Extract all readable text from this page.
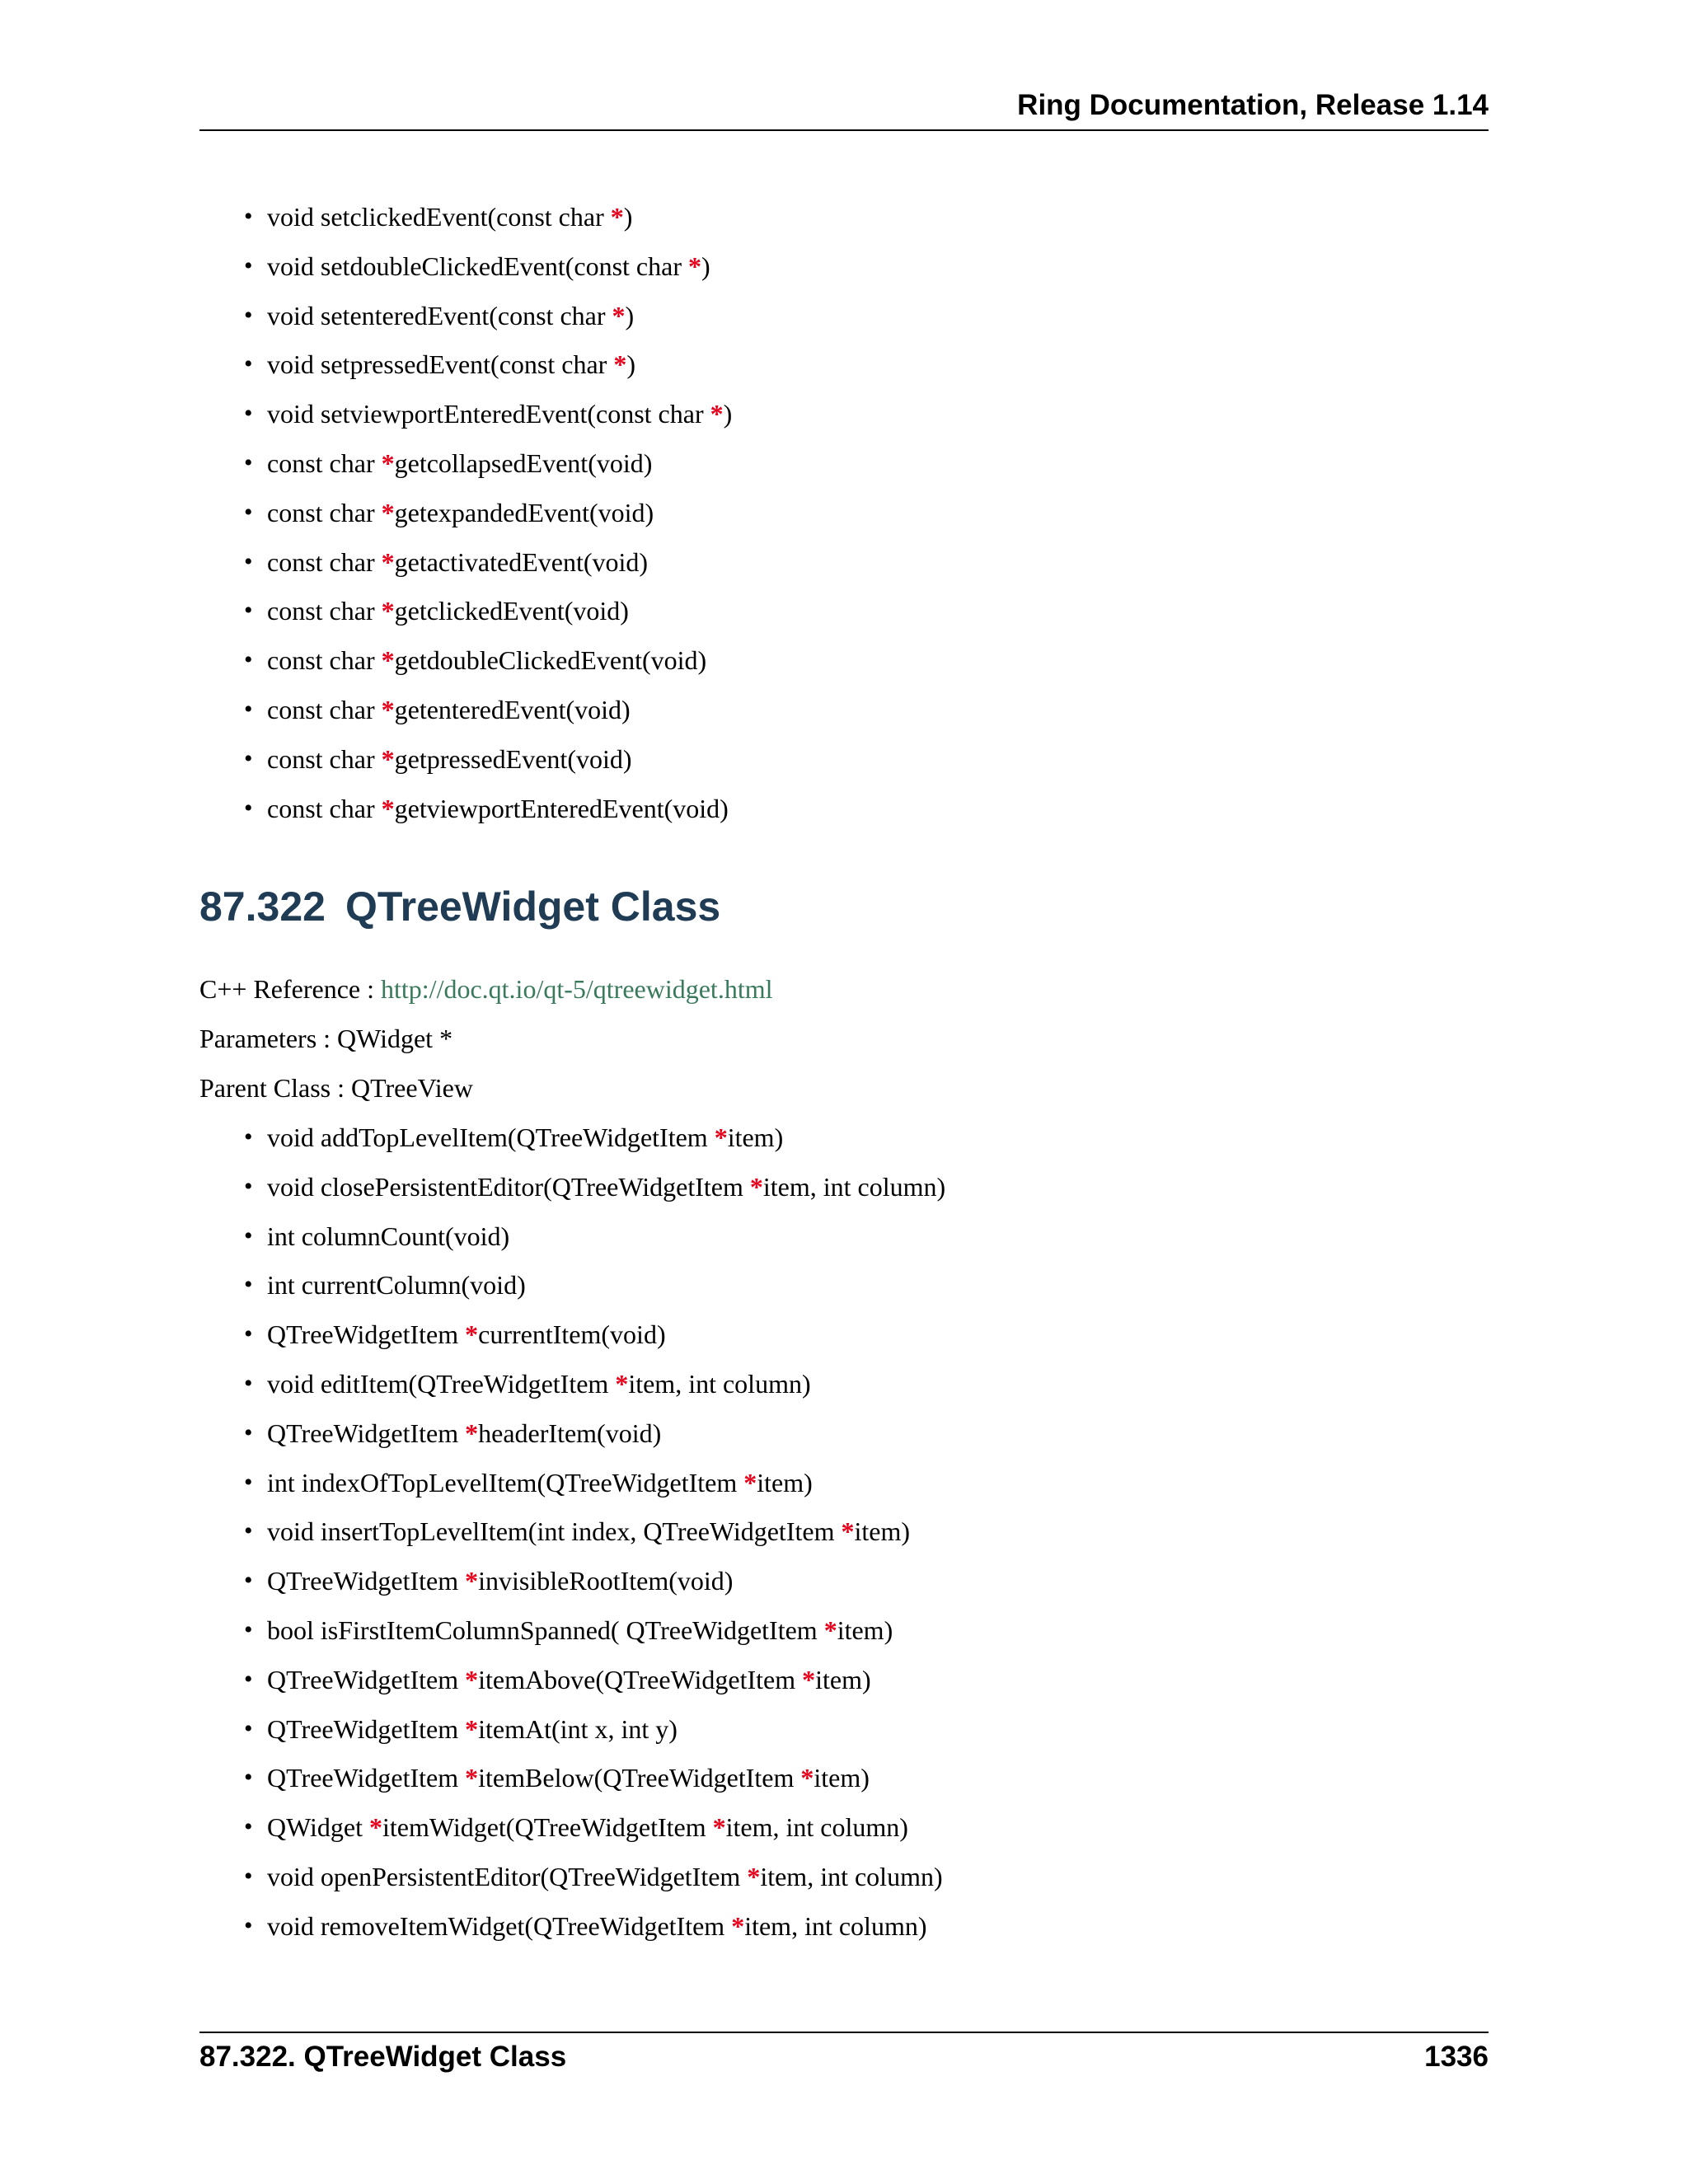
Ring Documentation, Release 1.14
• void setclickedEvent(const char *)
• void setdoubleClickedEvent(const char *)
• void setenteredEvent(const char *)
• void setpressedEvent(const char *)
• void setviewportEnteredEvent(const char *)
• const char *getcollapsedEvent(void)
• const char *getexpandedEvent(void)
• const char *getactivatedEvent(void)
• const char *getclickedEvent(void)
• const char *getdoubleClickedEvent(void)
• const char *getenteredEvent(void)
• const char *getpressedEvent(void)
• const char *getviewportEnteredEvent(void)
87.322 QTreeWidget Class
C++ Reference : http://doc.qt.io/qt-5/qtreewidget.html
Parameters : QWidget *
Parent Class : QTreeView
• void addTopLevelItem(QTreeWidgetItem *item)
• void closePersistentEditor(QTreeWidgetItem *item, int column)
• int columnCount(void)
• int currentColumn(void)
• QTreeWidgetItem *currentItem(void)
• void editItem(QTreeWidgetItem *item, int column)
• QTreeWidgetItem *headerItem(void)
• int indexOfTopLevelItem(QTreeWidgetItem *item)
• void insertTopLevelItem(int index, QTreeWidgetItem *item)
• QTreeWidgetItem *invisibleRootItem(void)
• bool isFirstItemColumnSpanned( QTreeWidgetItem *item)
• QTreeWidgetItem *itemAbove(QTreeWidgetItem *item)
• QTreeWidgetItem *itemAt(int x, int y)
• QTreeWidgetItem *itemBelow(QTreeWidgetItem *item)
• QWidget *itemWidget(QTreeWidgetItem *item, int column)
• void openPersistentEditor(QTreeWidgetItem *item, int column)
• void removeItemWidget(QTreeWidgetItem *item, int column)
87.322. QTreeWidget Class	1336
